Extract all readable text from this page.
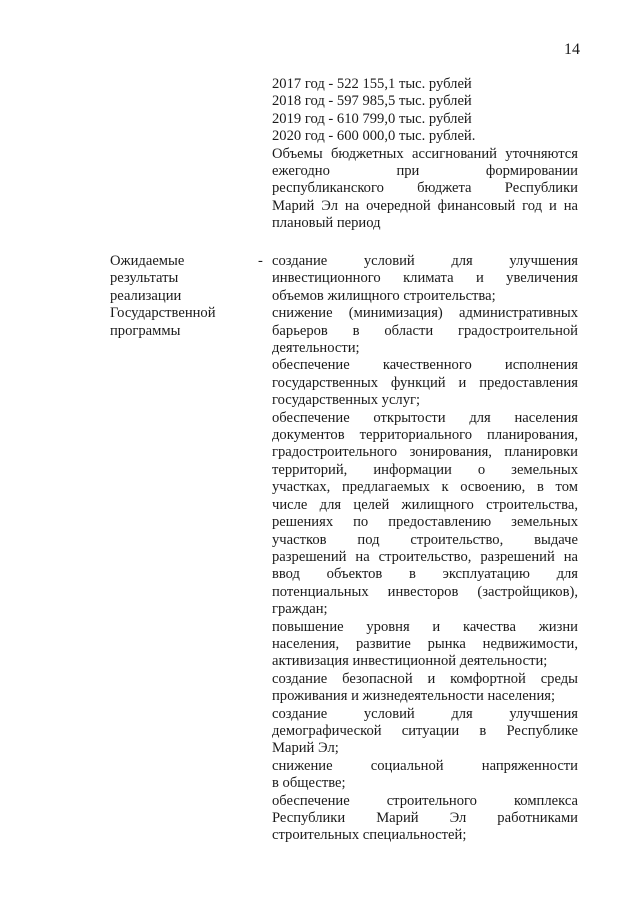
14
2017 год - 522 155,1 тыс. рублей
2018 год - 597 985,5 тыс. рублей
2019 год - 610 799,0 тыс. рублей
2020 год - 600 000,0 тыс. рублей.
Объемы бюджетных ассигнований уточняются
ежегодно при формировании
республиканского бюджета Республики
Марий Эл на очередной финансовый год и на
плановый период
Ожидаемые
результаты
реализации
Государственной
программы
- создание условий для улучшения
инвестиционного климата и увеличения
объемов жилищного строительства;
снижение (минимизация) административных
барьеров в области градостроительной
деятельности;
обеспечение качественного исполнения
государственных функций и предоставления
государственных услуг;
обеспечение открытости для населения
документов территориального планирования,
градостроительного зонирования, планировки
территорий, информации о земельных
участках, предлагаемых к освоению, в том
числе для целей жилищного строительства,
решениях по предоставлению земельных
участков под строительство, выдаче
разрешений на строительство, разрешений на
ввод объектов в эксплуатацию для
потенциальных инвесторов (застройщиков),
граждан;
повышение уровня и качества жизни
населения, развитие рынка недвижимости,
активизация инвестиционной деятельности;
создание безопасной и комфортной среды
проживания и жизнедеятельности населения;
создание условий для улучшения
демографической ситуации в Республике
Марий Эл;
снижение социальной напряженности
в обществе;
обеспечение строительного комплекса
Республики Марий Эл работниками
строительных специальностей;
